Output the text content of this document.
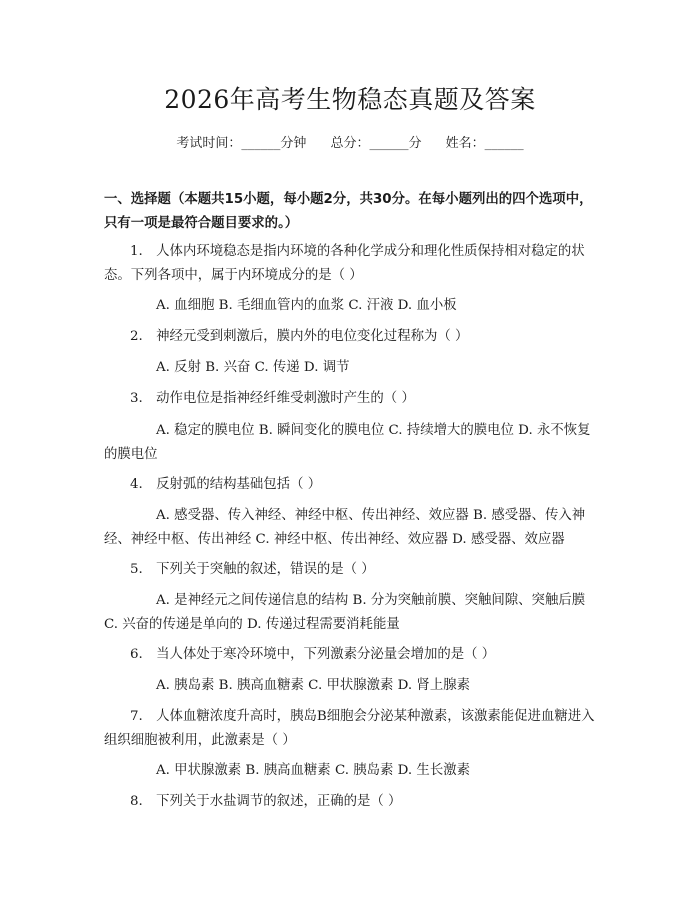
2026年高考生物稳态真题及答案
考试时间：______分钟 总分：______分 姓名：______
一、选择题（本题共15小题，每小题2分，共30分。在每小题列出的四个选项中，只有一项是最符合题目要求的。）
1.　人体内环境稳态是指内环境的各种化学成分和理化性质保持相对稳定的状态。下列各项中，属于内环境成分的是（ ）
A. 血细胞 B. 毛细血管内的血浆 C. 汗液 D. 血小板
2.　神经元受到刺激后，膜内外的电位变化过程称为（ ）
A. 反射 B. 兴奋 C. 传递 D. 调节
3.　动作电位是指神经纤维受刺激时产生的（ ）
A. 稳定的膜电位 B. 瞬间变化的膜电位 C. 持续增大的膜电位 D. 永不恢复的膜电位
4.　反射弧的结构基础包括（ ）
A. 感受器、传入神经、神经中枢、传出神经、效应器 B. 感受器、传入神经、神经中枢、传出神经 C. 神经中枢、传出神经、效应器 D. 感受器、效应器
5.　下列关于突触的叙述，错误的是（ ）
A. 是神经元之间传递信息的结构 B. 分为突触前膜、突触间隙、突触后膜 C. 兴奋的传递是单向的 D. 传递过程需要消耗能量
6.　当人体处于寒冷环境中，下列激素分泌量会增加的是（ ）
A. 胰岛素 B. 胰高血糖素 C. 甲状腺激素 D. 肾上腺素
7.　人体血糖浓度升高时，胰岛B细胞会分泌某种激素，该激素能促进血糖进入组织细胞被利用，此激素是（ ）
A. 甲状腺激素 B. 胰高血糖素 C. 胰岛素 D. 生长激素
8.　下列关于水盐调节的叙述，正确的是（ ）
